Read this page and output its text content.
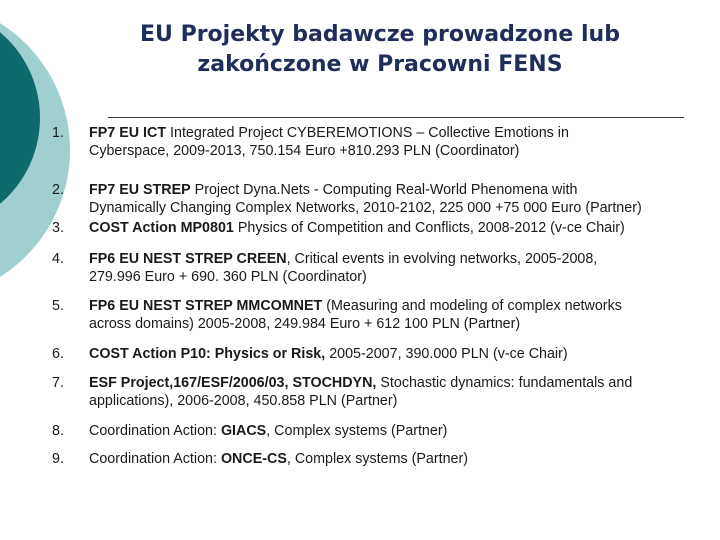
EU Projekty badawcze prowadzone lub
zakończone w Pracowni FENS
1.	FP7 EU ICT Integrated Project CYBEREMOTIONS – Collective Emotions in
Cyberspace, 2009-2013, 750.154 Euro +810.293 PLN (Coordinator)
2.	FP7 EU STREP Project Dyna.Nets - Computing Real-World Phenomena with
Dynamically Changing Complex Networks, 2010-2102, 225 000 +75 000 Euro (Partner)
3.	COST Action MP0801 Physics of Competition and Conflicts, 2008-2012 (v-ce Chair)
4.	FP6 EU NEST STREP CREEN, Critical events in evolving networks, 2005-2008,
279.996 Euro + 690. 360 PLN (Coordinator)
5.	FP6 EU NEST STREP MMCOMNET (Measuring and modeling of complex networks
across domains) 2005-2008, 249.984 Euro + 612 100 PLN (Partner)
6.	COST Action P10: Physics or Risk, 2005-2007, 390.000 PLN (v-ce Chair)
7.	ESF Project,167/ESF/2006/03, STOCHDYN, Stochastic dynamics: fundamentals and
applications), 2006-2008, 450.858 PLN (Partner)
8.	Coordination Action: GIACS, Complex systems (Partner)
9.	Coordination Action: ONCE-CS, Complex systems (Partner)
